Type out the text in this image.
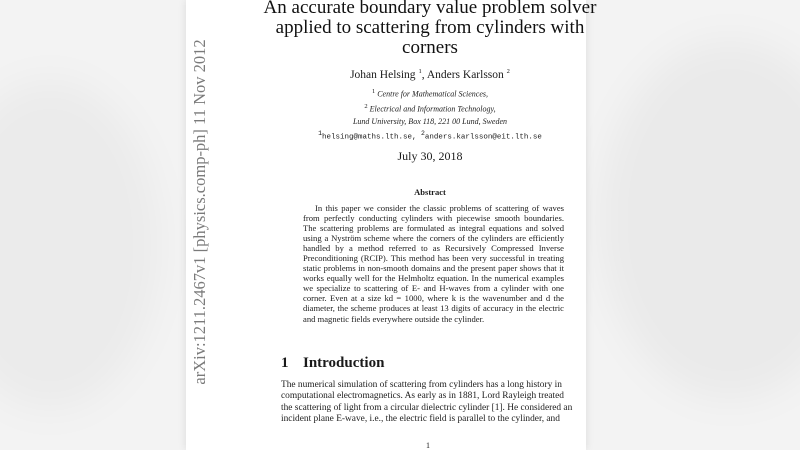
arXiv:1211.2467v1 [physics.comp-ph] 11 Nov 2012
An accurate boundary value problem solver
applied to scattering from cylinders with
corners
Johan Helsing $^1$, Anders Karlsson $^2$
$^1$ Centre for Mathematical Sciences,
$^2$ Electrical and Information Technology,
Lund University, Box 118, 221 00 Lund, Sweden
$^1$helsing@maths.lth.se, $^2$anders.karlsson@eit.lth.se
July 30, 2018
Abstract
In this paper we consider the classic problems of scattering of waves from perfectly conducting cylinders with piecewise smooth boundaries. The scattering problems are formulated as integral equations and solved using a Nyström scheme where the corners of the cylinders are efficiently handled by a method referred to as Recursively Compressed Inverse Preconditioning (RCIP). This method has been very successful in treating static problems in non-smooth domains and the present paper shows that it works equally well for the Helmholtz equation. In the numerical examples we specialize to scattering of E- and H-waves from a cylinder with one corner. Even at a size kd = 1000, where k is the wavenumber and d the diameter, the scheme produces at least 13 digits of accuracy in the electric and magnetic fields everywhere outside the cylinder.
1 Introduction
The numerical simulation of scattering from cylinders has a long history in
computational electromagnetics. As early as in 1881, Lord Rayleigh treated
the scattering of light from a circular dielectric cylinder [1]. He considered an
incident plane E-wave, i.e., the electric field is parallel to the cylinder, and
1
